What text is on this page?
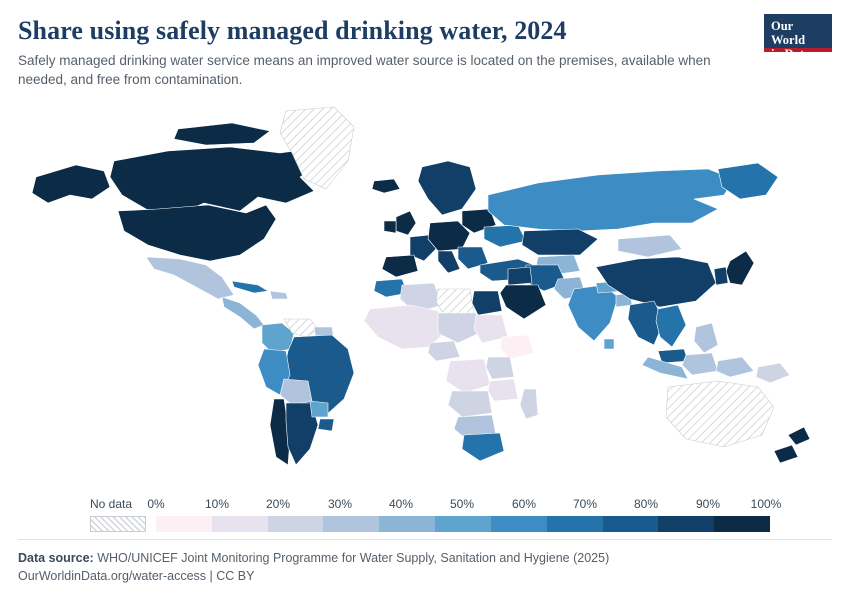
Share using safely managed drinking water, 2024

Safely managed drinking water service means an improved water source is located on the premises, available when needed, and free from contamination.

Our World
in Data
No data 0%	10%	20%	30%	40%	50%	60%	70%	80%	90%	100%
Data source: WHO/UNICEF Joint Monitoring Programme for Water Supply, Sanitation and Hygiene (2025)
OurWorldinData.org/water-access | CC BY
